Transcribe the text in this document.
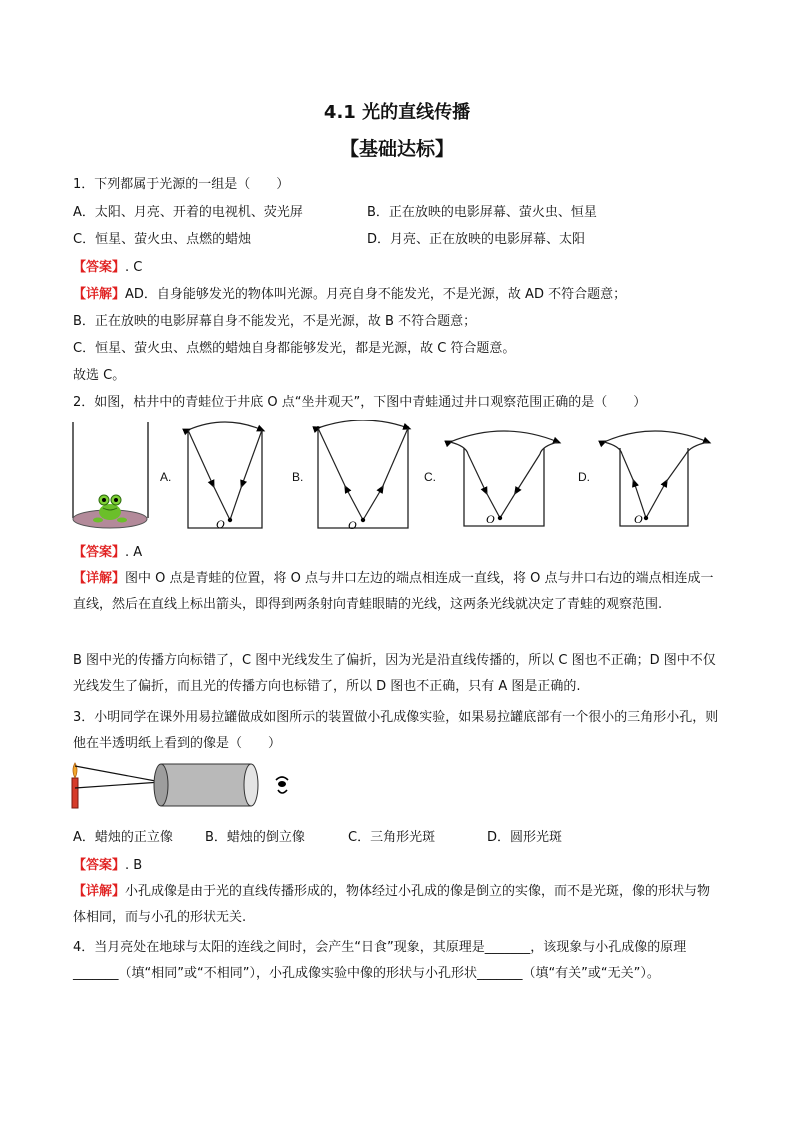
4.1 光的直线传播
【基础达标】
1．下列都属于光源的一组是（　　）
A．太阳、月亮、开着的电视机、荧光屏	B．正在放映的电影屏幕、萤火虫、恒星
C．恒星、萤火虫、点燃的蜡烛	D．月亮、正在放映的电影屏幕、太阳
【答案】. C
【详解】AD．自身能够发光的物体叫光源。月亮自身不能发光，不是光源，故 AD 不符合题意；
B．正在放映的电影屏幕自身不能发光，不是光源，故 B 不符合题意；
C．恒星、萤火虫、点燃的蜡烛自身都能够发光，都是光源，故 C 符合题意。
故选 C。
2．如图，枯井中的青蛙位于井底 O 点“坐井观天”，下图中青蛙通过井口观察范围正确的是（　　）
A.
O
B.
O
C.
O
D.
O
【答案】. A
【详解】图中 O 点是青蛙的位置，将 O 点与井口左边的端点相连成一直线，将 O 点与井口右边的端点相连成一直线，然后在直线上标出箭头，即得到两条射向青蛙眼睛的光线，这两条光线就决定了青蛙的观察范围.
B 图中光的传播方向标错了，C 图中光线发生了偏折，因为光是沿直线传播的，所以 C 图也不正确；D 图中不仅光线发生了偏折，而且光的传播方向也标错了，所以 D 图也不正确，只有 A 图是正确的.
3．小明同学在课外用易拉罐做成如图所示的装置做小孔成像实验，如果易拉罐底部有一个很小的三角形小孔，则他在半透明纸上看到的像是（　　）
A．蜡烛的正立像 B．蜡烛的倒立像	C．三角形光斑	D．圆形光斑
【答案】. B
【详解】小孔成像是由于光的直线传播形成的，物体经过小孔成的像是倒立的实像，而不是光斑，像的形状与物体相同，而与小孔的形状无关.
4．当月亮处在地球与太阳的连线之间时，会产生“日食”现象，其原理是_______，该现象与小孔成像的原理_______（填“相同”或“不相同”），小孔成像实验中像的形状与小孔形状_______（填“有关”或“无关”）。
